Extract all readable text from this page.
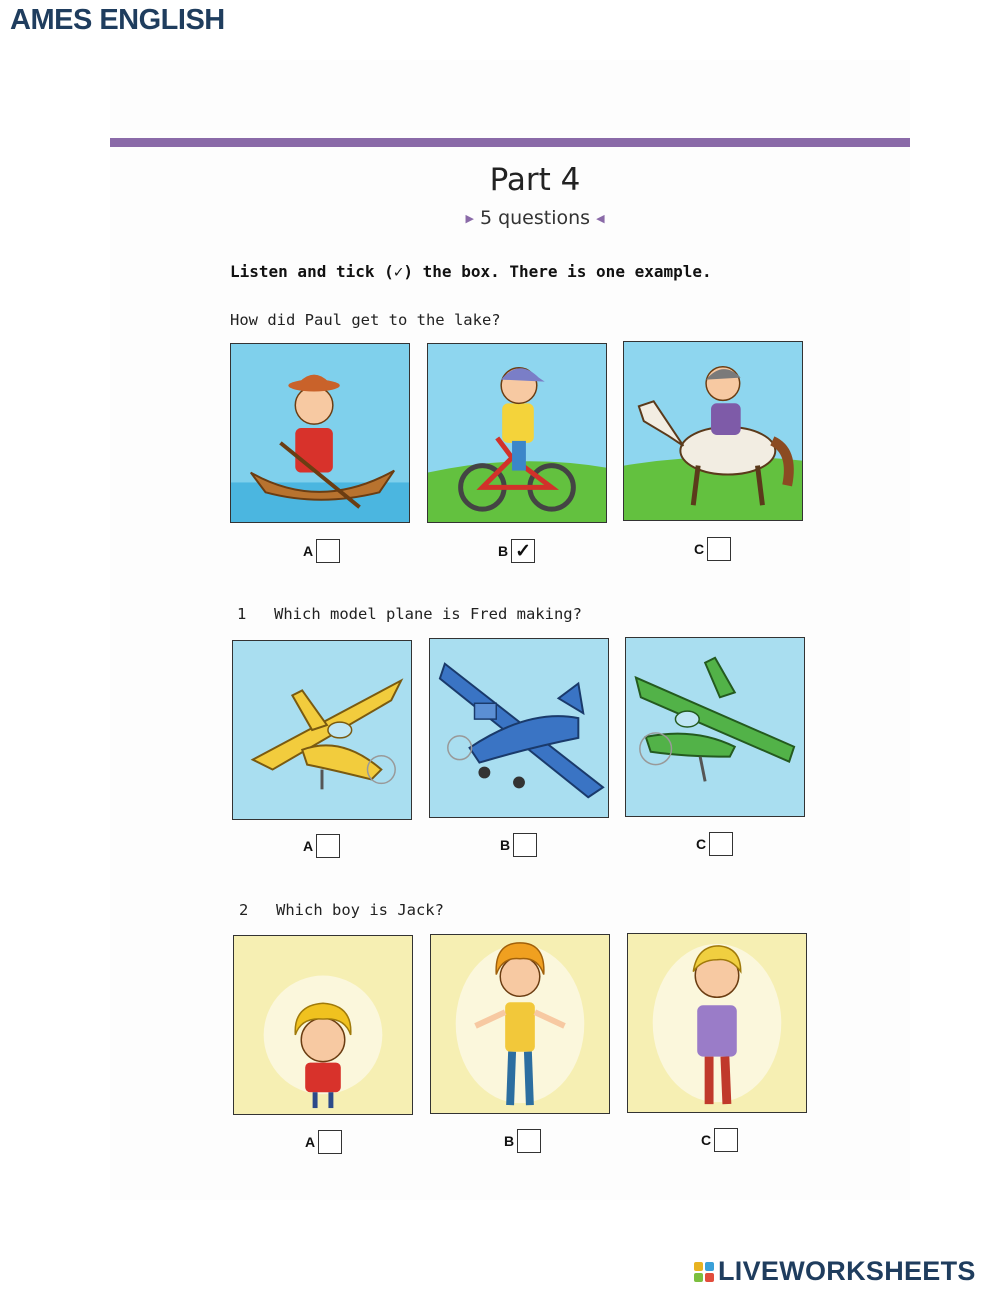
AMES ENGLISH
Part 4
▶ 5 questions ◀
Listen and tick (✓) the box. There is one example.
How did Paul get to the lake?
A	B ✓	C
1 Which model plane is Fred making?
A	B	C
2 Which boy is Jack?
A	B	C
LIVEWORKSHEETS
